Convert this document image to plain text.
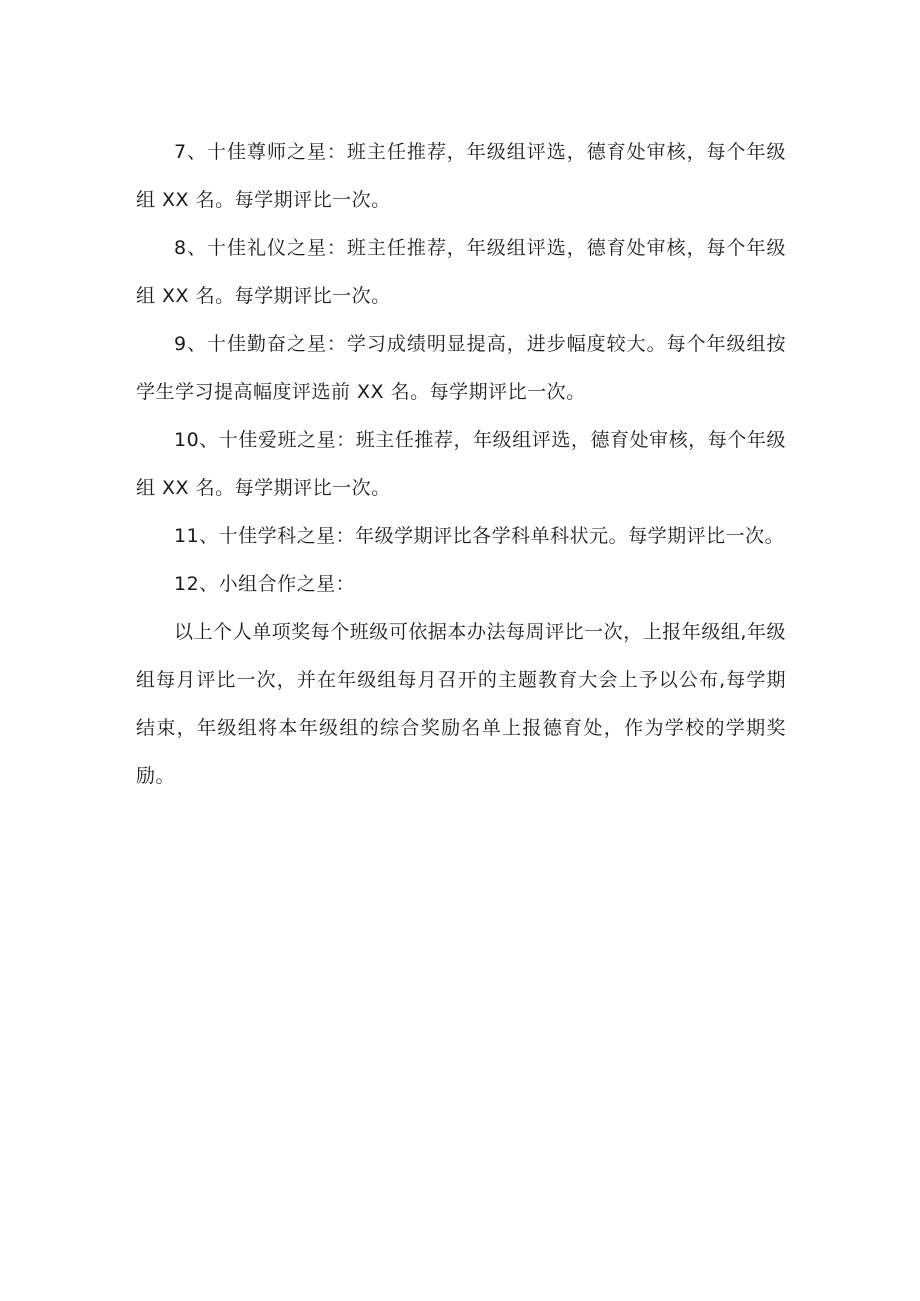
7、十佳尊师之星：班主任推荐，年级组评选，德育处审核，每个年级组 XX 名。每学期评比一次。

8、十佳礼仪之星：班主任推荐，年级组评选，德育处审核，每个年级组 XX 名。每学期评比一次。

9、十佳勤奋之星：学习成绩明显提高，进步幅度较大。每个年级组按学生学习提高幅度评选前 XX 名。每学期评比一次。

10、十佳爱班之星：班主任推荐，年级组评选，德育处审核，每个年级组 XX 名。每学期评比一次。

11、十佳学科之星：年级学期评比各学科单科状元。每学期评比一次。

12、小组合作之星：

以上个人单项奖每个班级可依据本办法每周评比一次，上报年级组,年级组每月评比一次，并在年级组每月召开的主题教育大会上予以公布,每学期结束，年级组将本年级组的综合奖励名单上报德育处，作为学校的学期奖励。
